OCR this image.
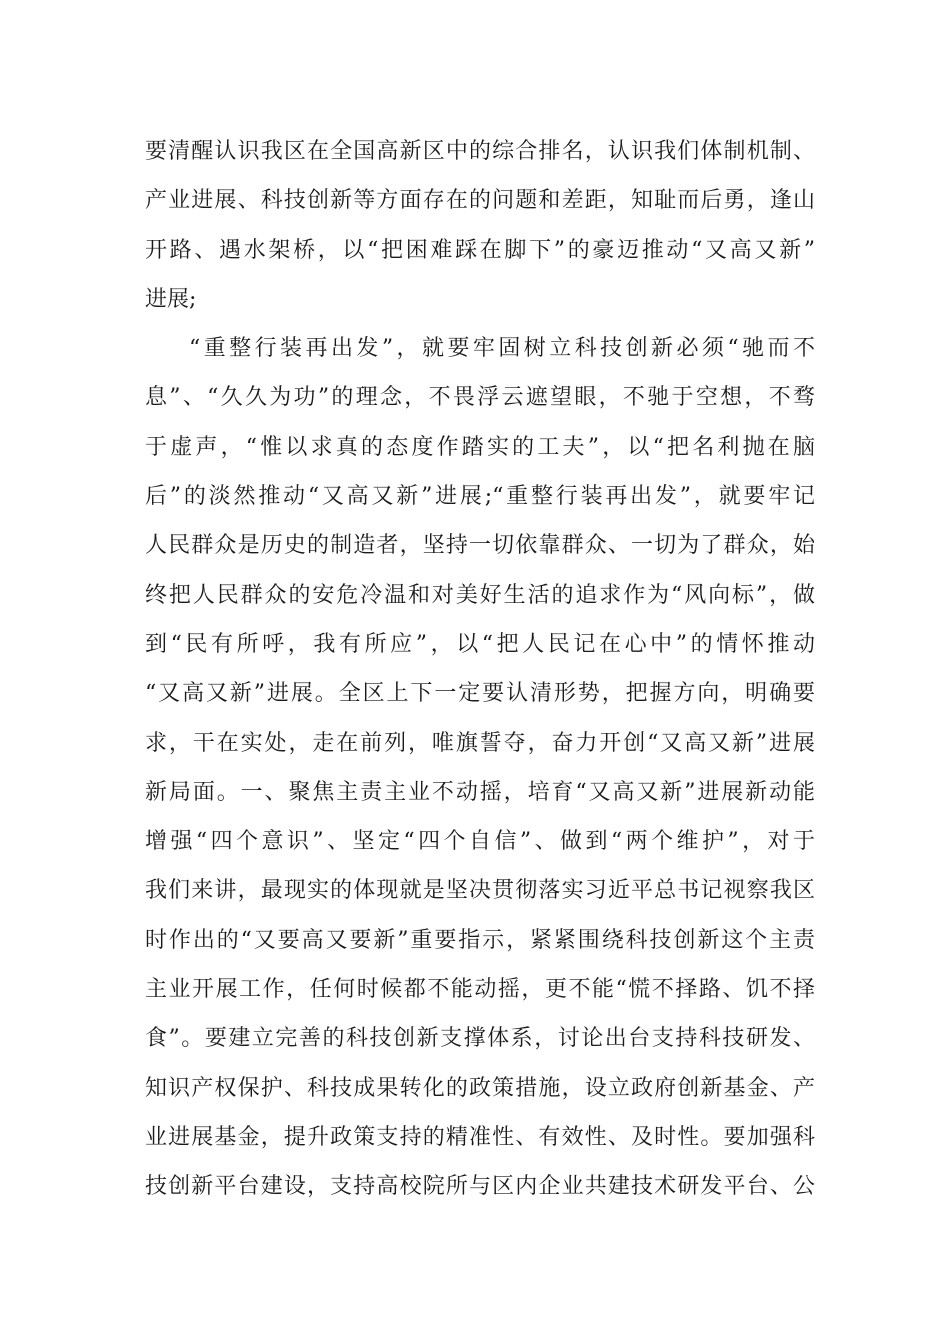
要清醒认识我区在全国高新区中的综合排名，认识我们体制机制、
产业进展、科技创新等方面存在的问题和差距，知耻而后勇，逢山
开路、遇水架桥，以“把困难踩在脚下”的豪迈推动“又高又新”
进展;
“重整行装再出发”，就要牢固树立科技创新必须“驰而不
息”、“久久为功”的理念，不畏浮云遮望眼，不驰于空想，不骛
于虚声，“惟以求真的态度作踏实的工夫”，以“把名利抛在脑
后”的淡然推动“又高又新”进展;“重整行装再出发”，就要牢记
人民群众是历史的制造者，坚持一切依靠群众、一切为了群众，始
终把人民群众的安危冷温和对美好生活的追求作为“风向标”，做
到“民有所呼，我有所应”，以“把人民记在心中”的情怀推动
“又高又新”进展。全区上下一定要认清形势，把握方向，明确要
求，干在实处，走在前列，唯旗誓夺，奋力开创“又高又新”进展
新局面。一、聚焦主责主业不动摇，培育“又高又新”进展新动能
增强“四个意识”、坚定“四个自信”、做到“两个维护”，对于
我们来讲，最现实的体现就是坚决贯彻落实习近平总书记视察我区
时作出的“又要高又要新”重要指示，紧紧围绕科技创新这个主责
主业开展工作，任何时候都不能动摇，更不能“慌不择路、饥不择
食”。要建立完善的科技创新支撑体系，讨论出台支持科技研发、
知识产权保护、科技成果转化的政策措施，设立政府创新基金、产
业进展基金，提升政策支持的精准性、有效性、及时性。要加强科
技创新平台建设，支持高校院所与区内企业共建技术研发平台、公
